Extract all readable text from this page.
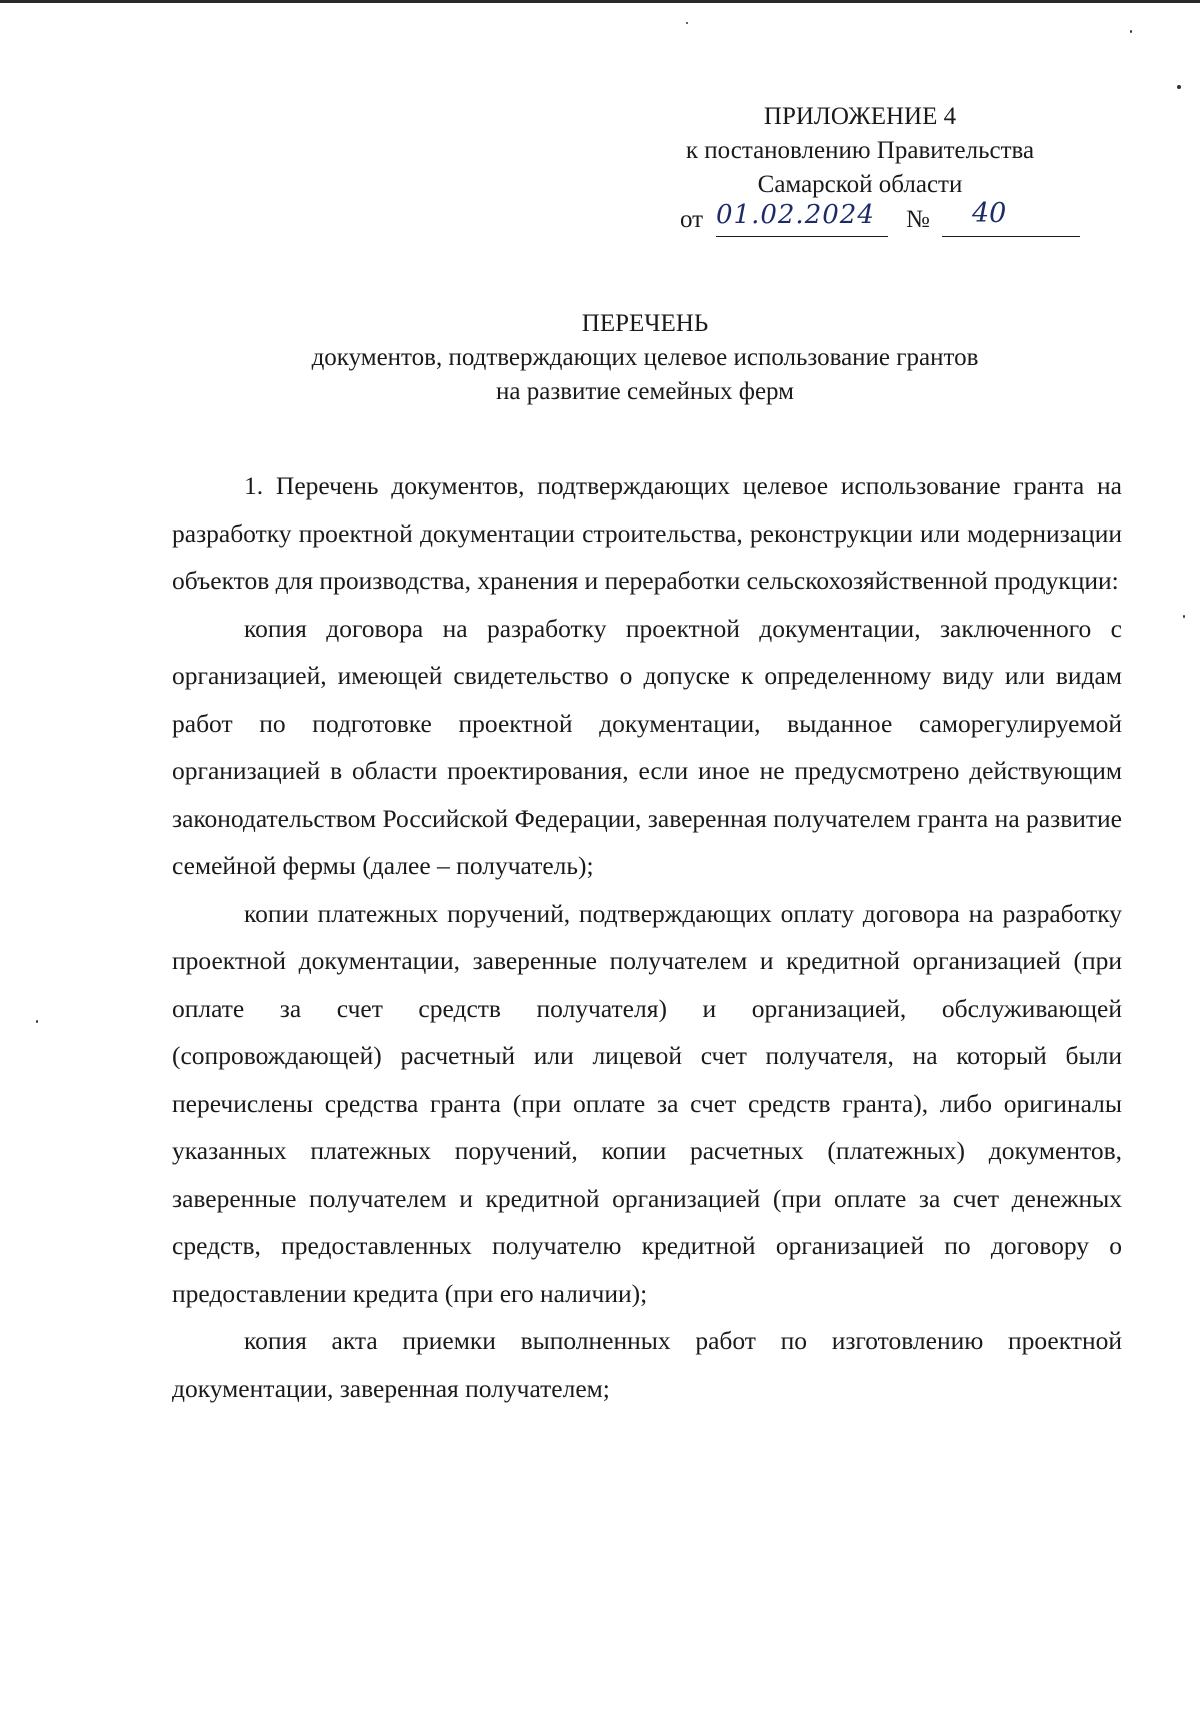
ПРИЛОЖЕНИЕ 4
к постановлению Правительства
Самарской области
от 01.02.2024 № 40
ПЕРЕЧЕНЬ
документов, подтверждающих целевое использование грантов
на развитие семейных ферм

1. Перечень документов, подтверждающих целевое использование гранта на разработку проектной документации строительства, реконструкции или модернизации объектов для производства, хранения и переработки сельскохозяйственной продукции:

копия договора на разработку проектной документации, заключенного с организацией, имеющей свидетельство о допуске к определенному виду или видам работ по подготовке проектной документации, выданное саморегулируемой организацией в области проектирования, если иное не предусмотрено действующим законодательством Российской Федерации, заверенная получателем гранта на развитие семейной фермы (далее – получатель);

копии платежных поручений, подтверждающих оплату договора на разработку проектной документации, заверенные получателем и кредитной организацией (при оплате за счет средств получателя) и организацией, обслуживающей (сопровождающей) расчетный или лицевой счет получателя, на который были перечислены средства гранта (при оплате за счет средств гранта), либо оригиналы указанных платежных поручений, копии расчетных (платежных) документов, заверенные получателем и кредитной организацией (при оплате за счет денежных средств, предоставленных получателю кредитной организацией по договору о предоставлении кредита (при его наличии);

копия акта приемки выполненных работ по изготовлению проектной документации, заверенная получателем;
